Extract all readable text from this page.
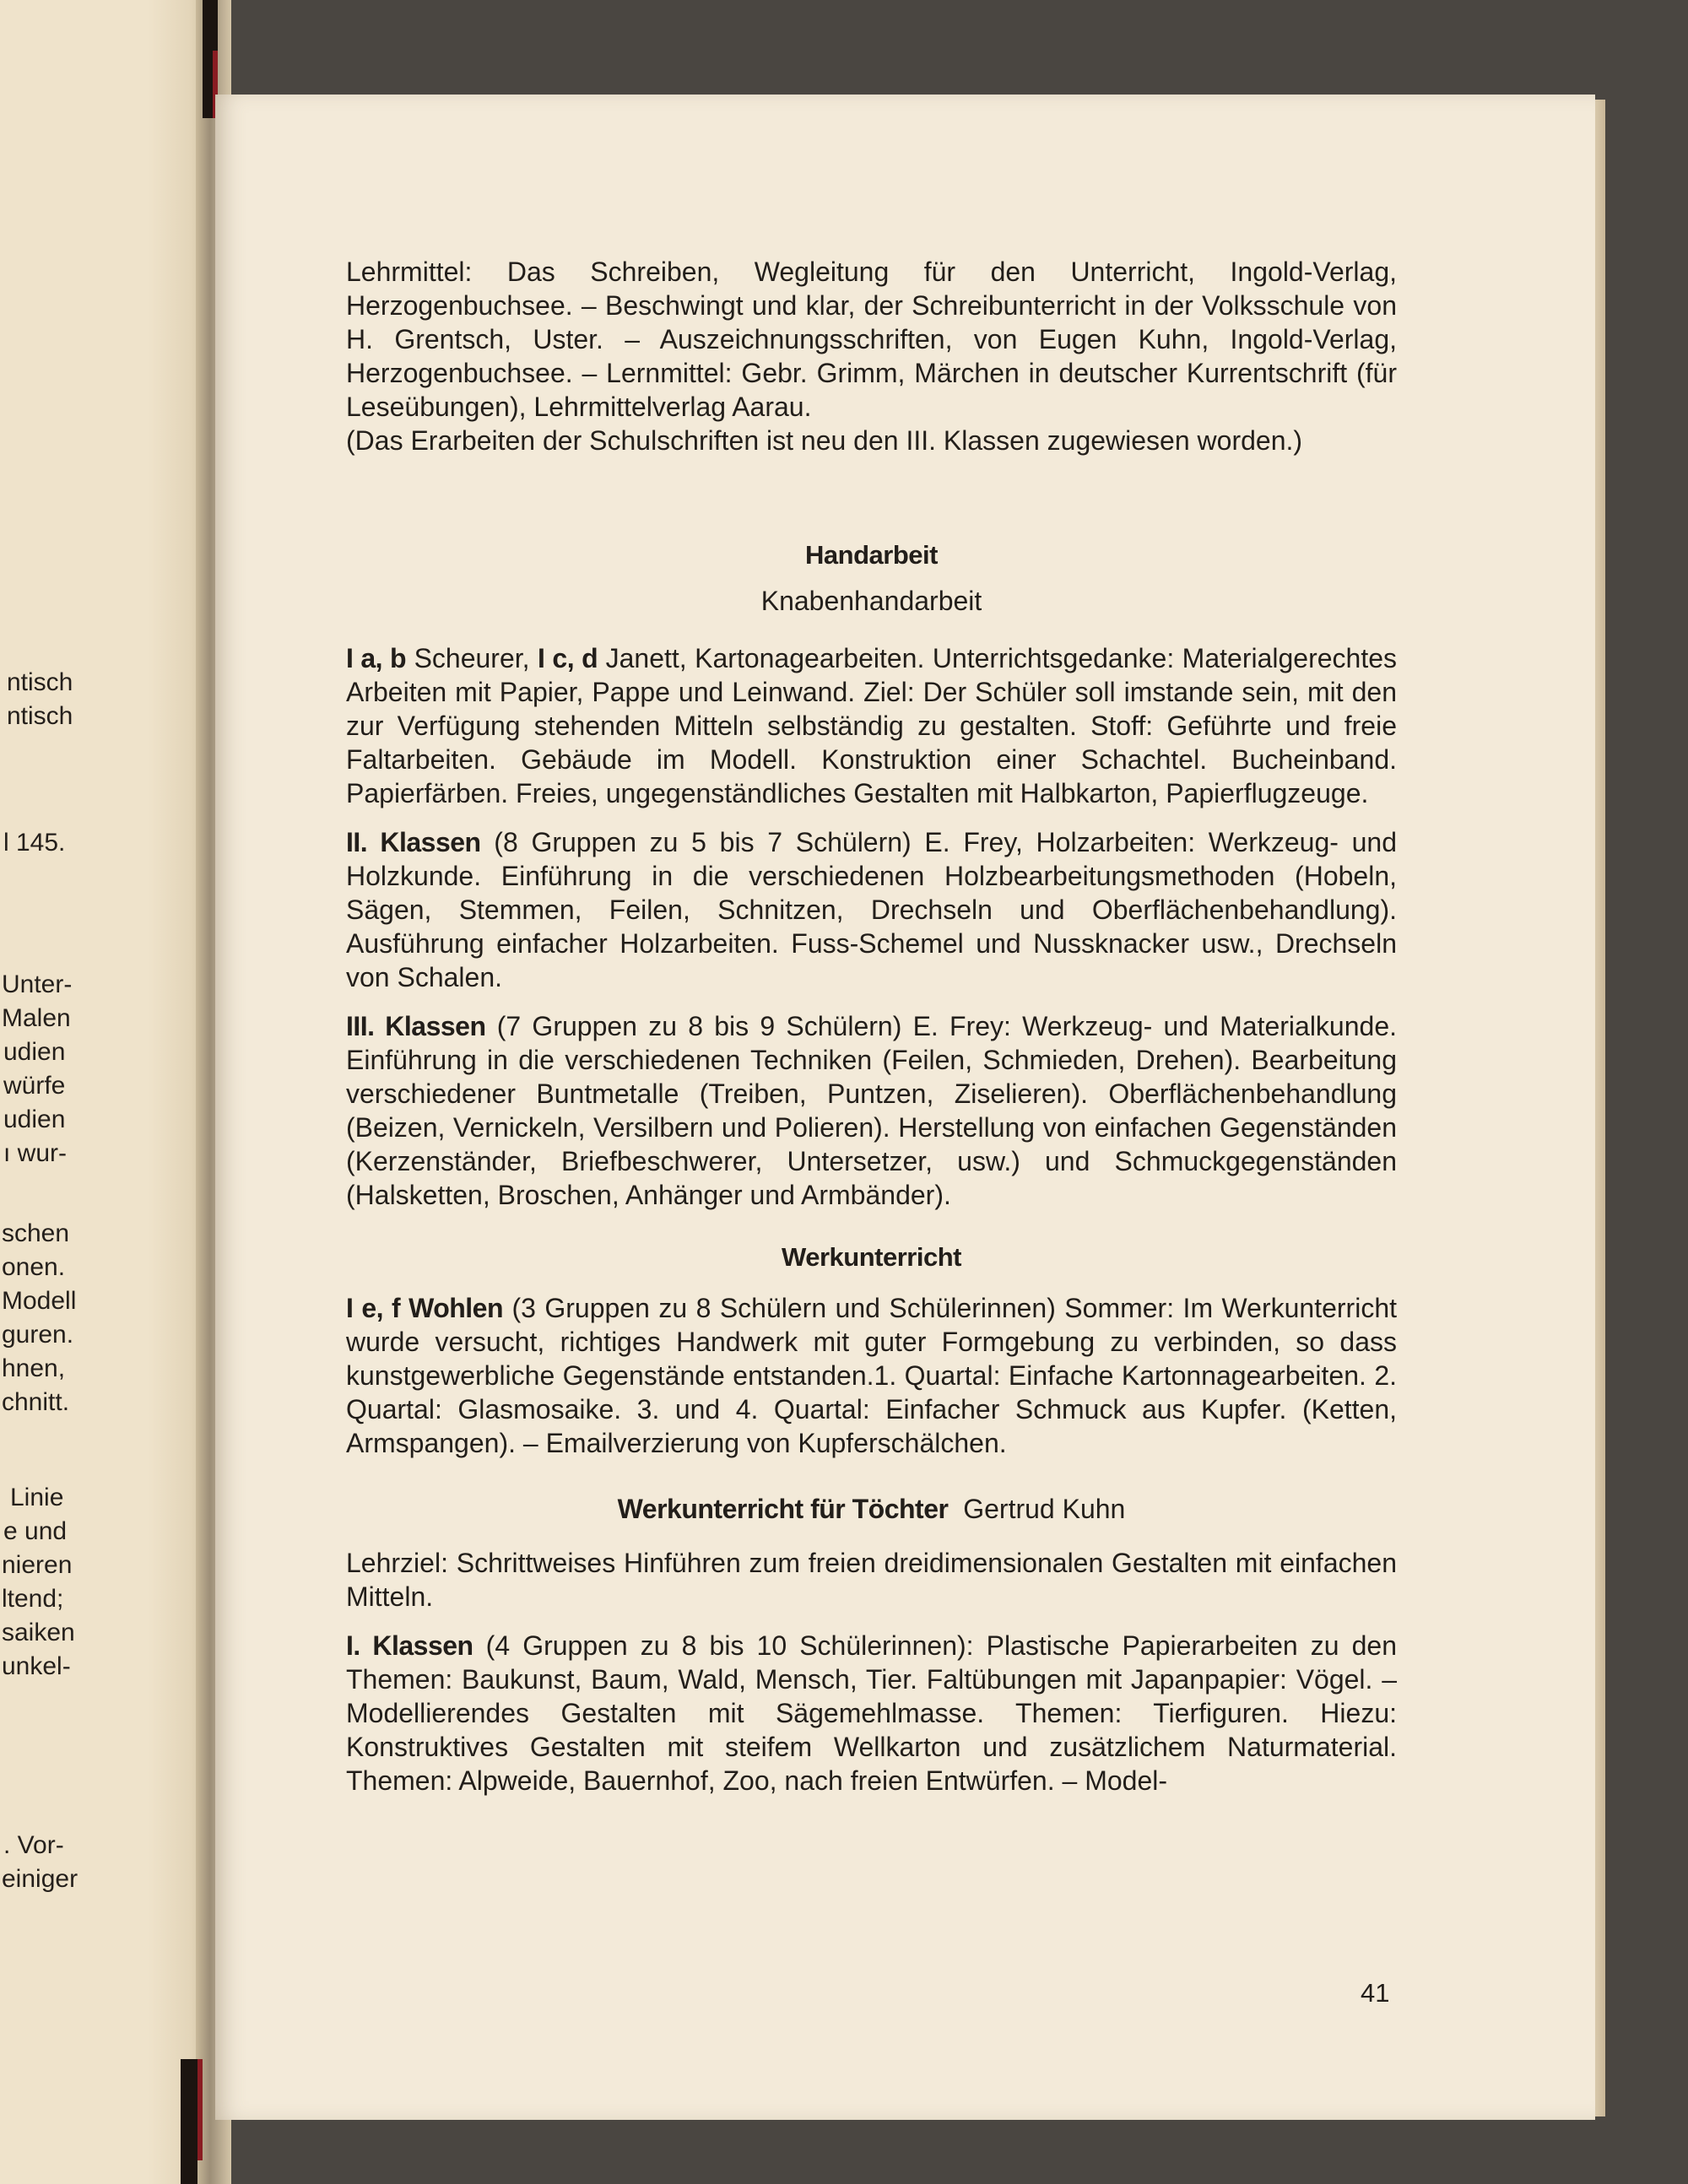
ntisch
ntisch
l 145.
Unter-
Malen
udien
würfe
udien
ı wur-
schen
onen.
Modell
guren.
hnen,
chnitt.
Linie
e und
nieren
ltend;
saiken
unkel-
. Vor-
einiger

Lehrmittel: Das Schreiben, Wegleitung für den Unterricht, Ingold-Verlag, Herzogenbuchsee. – Beschwingt und klar, der Schreibunterricht in der Volksschule von H. Grentsch, Uster. – Auszeichnungsschriften, von Eugen Kuhn, Ingold-Verlag, Herzogenbuchsee. – Lernmittel: Gebr. Grimm, Märchen in deutscher Kurrentschrift (für Leseübungen), Lehrmittelverlag Aarau.

(Das Erarbeiten der Schulschriften ist neu den III. Klassen zugewiesen worden.)

Handarbeit

Knabenhandarbeit

I a, b Scheurer, I c, d Janett, Kartonagearbeiten. Unterrichtsgedanke: Materialgerechtes Arbeiten mit Papier, Pappe und Leinwand. Ziel: Der Schüler soll imstande sein, mit den zur Verfügung stehenden Mitteln selbständig zu gestalten. Stoff: Geführte und freie Faltarbeiten. Gebäude im Modell. Konstruktion einer Schachtel. Bucheinband. Papierfärben. Freies, ungegenständliches Gestalten mit Halbkarton, Papierflugzeuge.

II. Klassen (8 Gruppen zu 5 bis 7 Schülern) E. Frey, Holzarbeiten: Werkzeug- und Holzkunde. Einführung in die verschiedenen Holzbearbeitungsmethoden (Hobeln, Sägen, Stemmen, Feilen, Schnitzen, Drechseln und Oberflächenbehandlung). Ausführung einfacher Holzarbeiten. Fuss-Schemel und Nussknacker usw., Drechseln von Schalen.

III. Klassen (7 Gruppen zu 8 bis 9 Schülern) E. Frey: Werkzeug- und Materialkunde. Einführung in die verschiedenen Techniken (Feilen, Schmieden, Drehen). Bearbeitung verschiedener Buntmetalle (Treiben, Puntzen, Ziselieren). Oberflächenbehandlung (Beizen, Vernickeln, Versilbern und Polieren). Herstellung von einfachen Gegenständen (Kerzenständer, Briefbeschwerer, Untersetzer, usw.) und Schmuckgegenständen (Halsketten, Broschen, Anhänger und Armbänder).

Werkunterricht

I e, f Wohlen (3 Gruppen zu 8 Schülern und Schülerinnen) Sommer: Im Werkunterricht wurde versucht, richtiges Handwerk mit guter Formgebung zu verbinden, so dass kunstgewerbliche Gegenstände entstanden.1. Quartal: Einfache Kartonnagearbeiten. 2. Quartal: Glasmosaike. 3. und 4. Quartal: Einfacher Schmuck aus Kupfer. (Ketten, Armspangen). – Emailverzierung von Kupferschälchen.

Werkunterricht für Töchter Gertrud Kuhn

Lehrziel: Schrittweises Hinführen zum freien dreidimensionalen Gestalten mit einfachen Mitteln.

I. Klassen (4 Gruppen zu 8 bis 10 Schülerinnen): Plastische Papierarbeiten zu den Themen: Baukunst, Baum, Wald, Mensch, Tier. Faltübungen mit Japanpapier: Vögel. – Modellierendes Gestalten mit Sägemehlmasse. Themen: Tierfiguren. Hiezu: Konstruktives Gestalten mit steifem Wellkarton und zusätzlichem Naturmaterial. Themen: Alpweide, Bauernhof, Zoo, nach freien Entwürfen. – Model-

41
